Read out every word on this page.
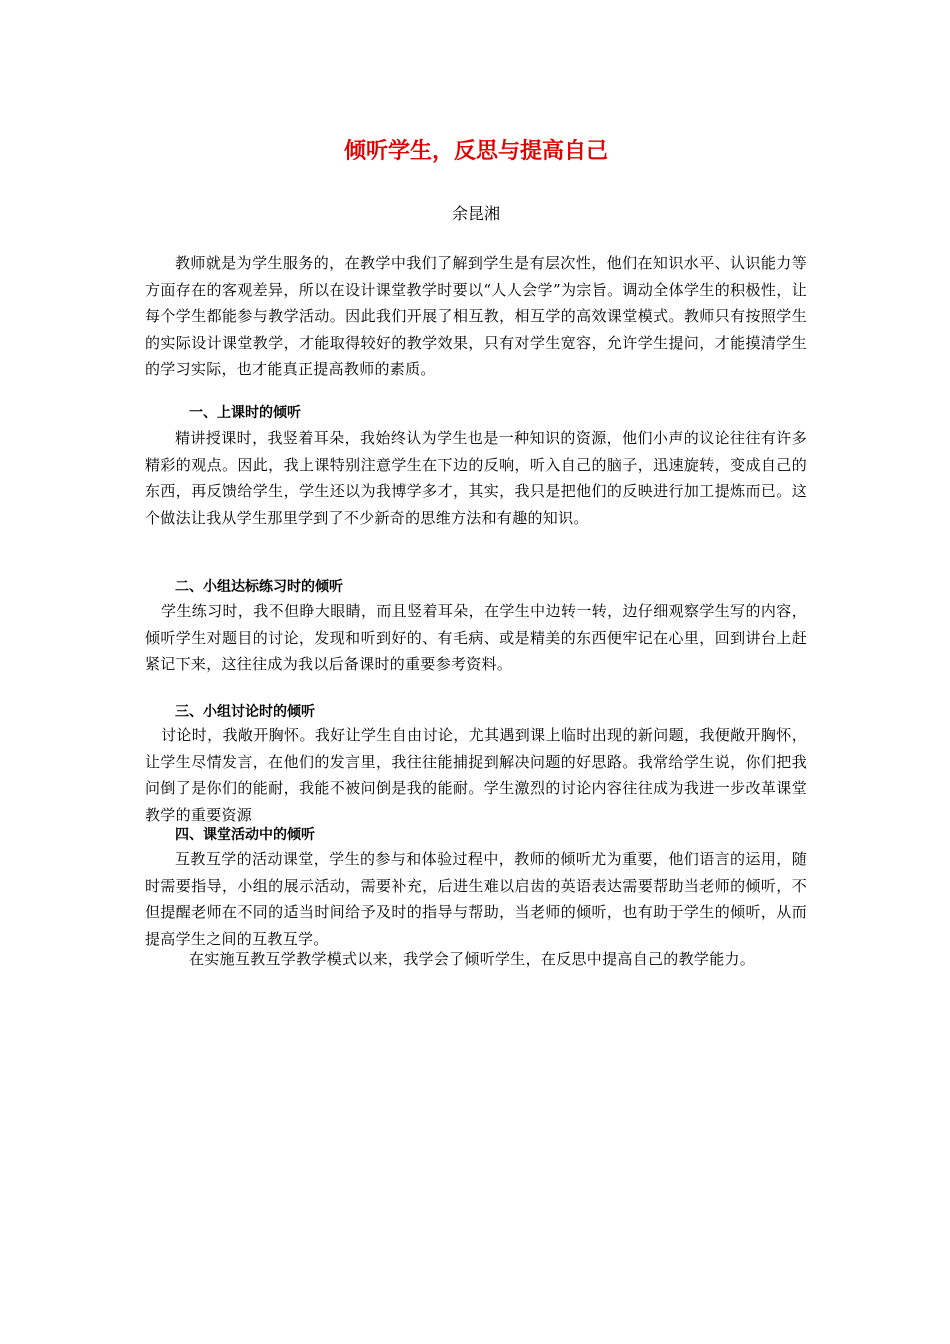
倾听学生，反思与提高自己

余昆湘

教师就是为学生服务的，在教学中我们了解到学生是有层次性，他们在知识水平、认识能力等方面存在的客观差异，所以在设计课堂教学时要以“人人会学”为宗旨。调动全体学生的积极性，让每个学生都能参与教学活动。因此我们开展了相互教，相互学的高效课堂模式。教师只有按照学生的实际设计课堂教学，才能取得较好的教学效果，只有对学生宽容，允许学生提问，才能摸清学生的学习实际，也才能真正提高教师的素质。

一、上课时的倾听

精讲授课时，我竖着耳朵，我始终认为学生也是一种知识的资源，他们小声的议论往往有许多精彩的观点。因此，我上课特别注意学生在下边的反响，听入自己的脑子，迅速旋转，变成自己的东西，再反馈给学生，学生还以为我博学多才，其实，我只是把他们的反映进行加工提炼而已。这个做法让我从学生那里学到了不少新奇的思维方法和有趣的知识。

二、小组达标练习时的倾听

学生练习时，我不但睁大眼睛，而且竖着耳朵，在学生中边转一转，边仔细观察学生写的内容，倾听学生对题目的讨论，发现和听到好的、有毛病、或是精美的东西便牢记在心里，回到讲台上赶紧记下来，这往往成为我以后备课时的重要参考资料。

三、小组讨论时的倾听

讨论时，我敞开胸怀。我好让学生自由讨论，尤其遇到课上临时出现的新问题，我便敞开胸怀，让学生尽情发言，在他们的发言里，我往往能捕捉到解决问题的好思路。我常给学生说，你们把我问倒了是你们的能耐，我能不被问倒是我的能耐。学生激烈的讨论内容往往成为我进一步改革课堂教学的重要资源

四、课堂活动中的倾听

互教互学的活动课堂，学生的参与和体验过程中，教师的倾听尤为重要，他们语言的运用，随时需要指导，小组的展示活动，需要补充，后进生难以启齿的英语表达需要帮助当老师的倾听，不但提醒老师在不同的适当时间给予及时的指导与帮助，当老师的倾听，也有助于学生的倾听，从而提高学生之间的互教互学。

在实施互教互学教学模式以来，我学会了倾听学生，在反思中提高自己的教学能力。
